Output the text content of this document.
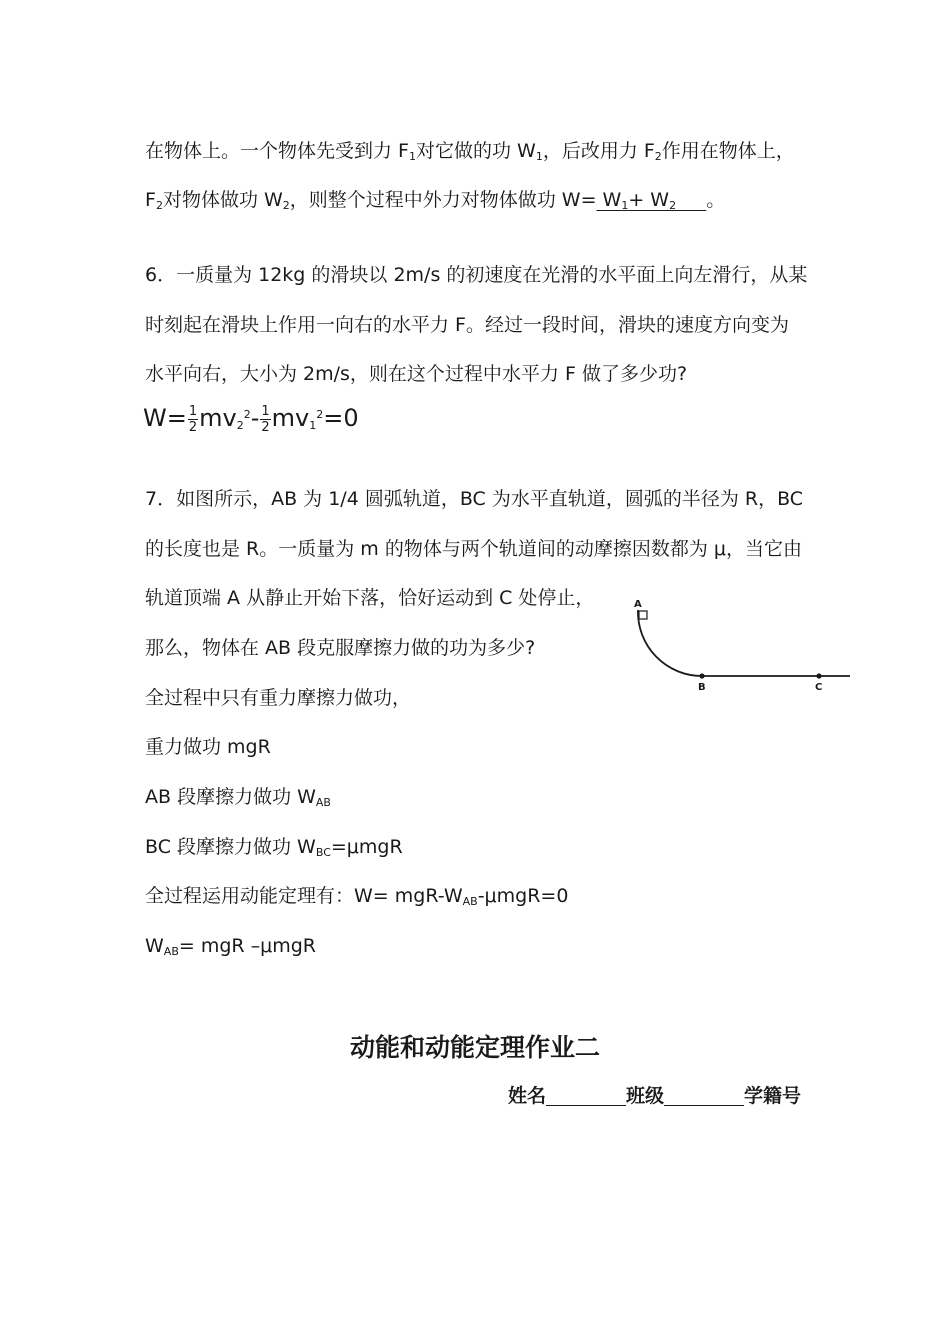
在物体上。一个物体先受到力 $F_1$对它做的功 $W_1$，后改用力 $F_2$作用在物体上，
$F_2$对物体做功 $W_2$，则整个过程中外力对物体做功 $W= W_1+ W_2$ 。
6．一质量为 12kg 的滑块以 2m/s 的初速度在光滑的水平面上向左滑行，从某
时刻起在滑块上作用一向右的水平力 F。经过一段时间，滑块的速度方向变为
水平向右，大小为 2m/s，则在这个过程中水平力 F 做了多少功?
$W= \frac{1}{2} mv_2^2- \frac{1}{2} mv_1^2=0$
7．如图所示，AB 为 1/4 圆弧轨道，BC 为水平直轨道，圆弧的半径为 R，BC
的长度也是 R。一质量为 m 的物体与两个轨道间的动摩擦因数都为 μ，当它由
轨道顶端 A 从静止开始下落，恰好运动到 C 处停止，
那么，物体在 AB 段克服摩擦力做的功为多少?
全过程中只有重力摩擦力做功，
重力做功 mgR
AB 段摩擦力做功 $W_{AB}$
BC 段摩擦力做功 $W_{BC}=\mu mgR$
全过程运用动能定理有：W= mgR-$W_{AB}-\mu mgR=0$
$W_{AB}=$ mgR –μmgR
A
B	C
动能和动能定理作业二
姓名	班级	学籍号
